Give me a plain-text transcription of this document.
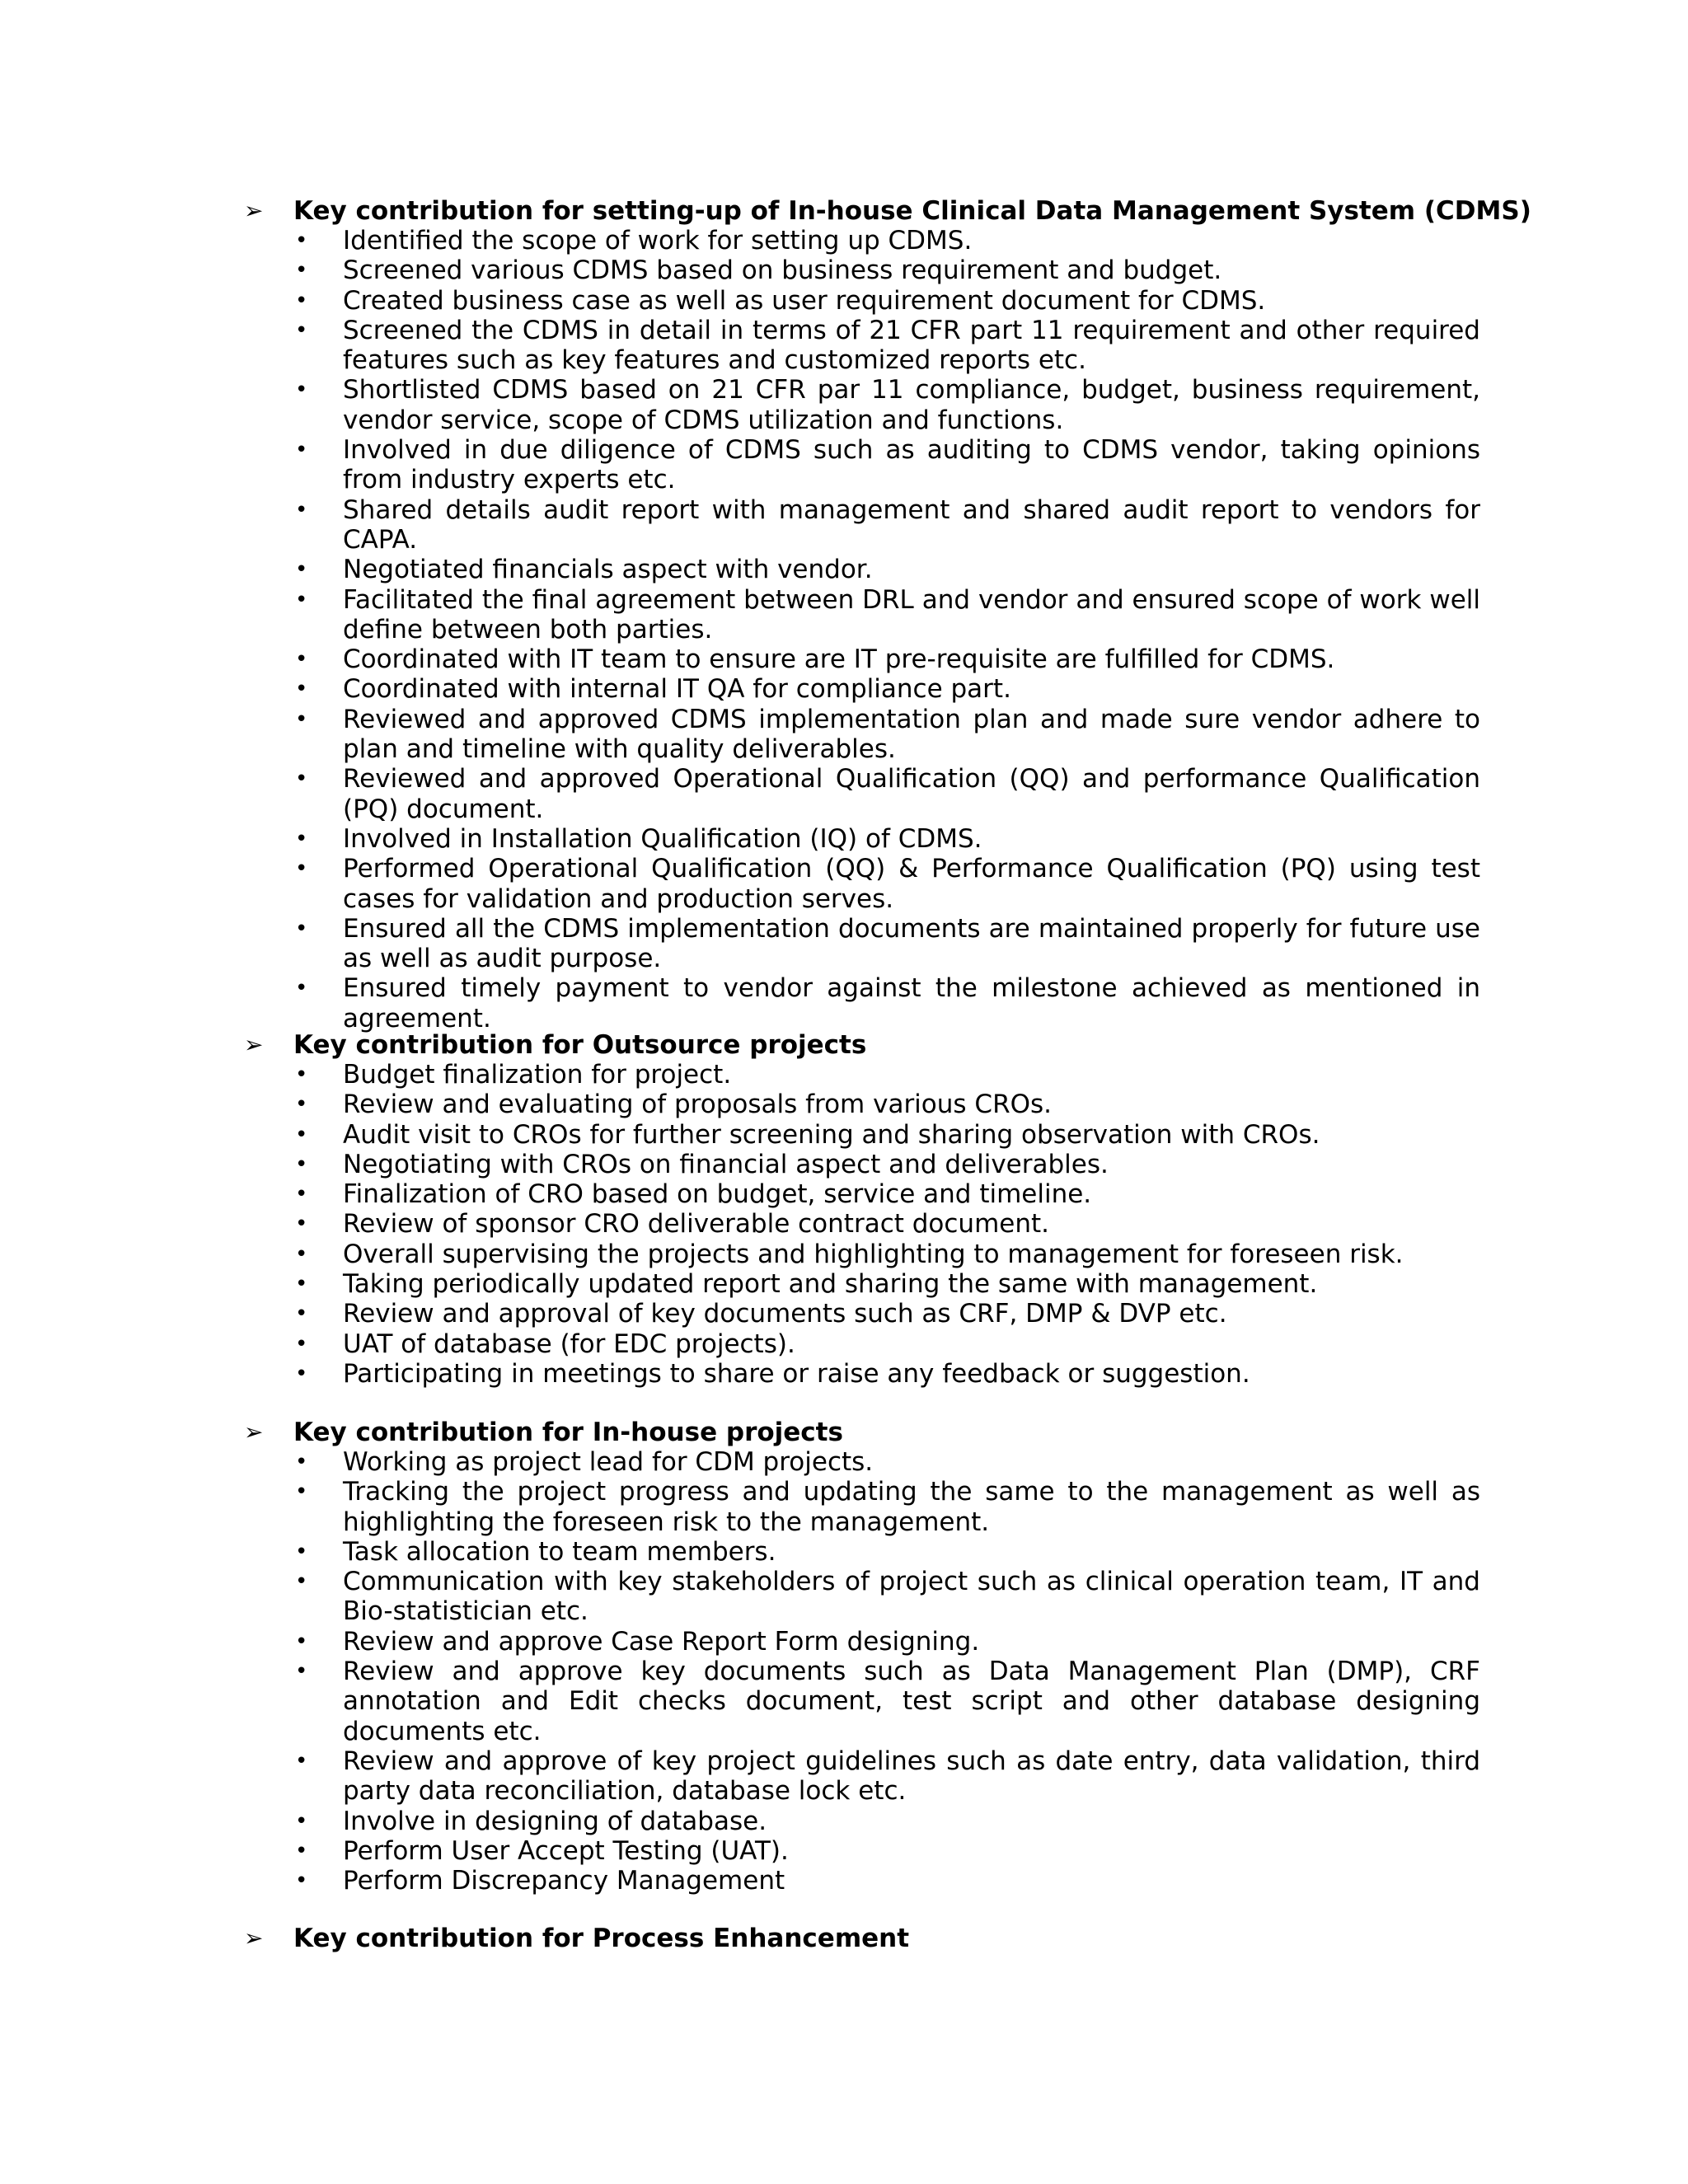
➢ Key contribution for setting-up of In-house Clinical Data Management System (CDMS)
• Identified the scope of work for setting up CDMS.
• Screened various CDMS based on business requirement and budget.
• Created business case as well as user requirement document for CDMS.
• Screened the CDMS in detail in terms of 21 CFR part 11 requirement and other required features such as key features and customized reports etc.
• Shortlisted CDMS based on 21 CFR par 11 compliance, budget, business requirement, vendor service, scope of CDMS utilization and functions.
• Involved in due diligence of CDMS such as auditing to CDMS vendor, taking opinions from industry experts etc.
• Shared details audit report with management and shared audit report to vendors for CAPA.
• Negotiated financials aspect with vendor.
• Facilitated the final agreement between DRL and vendor and ensured scope of work well define between both parties.
• Coordinated with IT team to ensure are IT pre-requisite are fulfilled for CDMS.
• Coordinated with internal IT QA for compliance part.
• Reviewed and approved CDMS implementation plan and made sure vendor adhere to plan and timeline with quality deliverables.
• Reviewed and approved Operational Qualification (QQ) and performance Qualification (PQ) document.
• Involved in Installation Qualification (IQ) of CDMS.
• Performed Operational Qualification (QQ) & Performance Qualification (PQ) using test cases for validation and production serves.
• Ensured all the CDMS implementation documents are maintained properly for future use as well as audit purpose.
• Ensured timely payment to vendor against the milestone achieved as mentioned in agreement.
➢ Key contribution for Outsource projects
• Budget finalization for project.
• Review and evaluating of proposals from various CROs.
• Audit visit to CROs for further screening and sharing observation with CROs.
• Negotiating with CROs on financial aspect and deliverables.
• Finalization of CRO based on budget, service and timeline.
• Review of sponsor CRO deliverable contract document.
• Overall supervising the projects and highlighting to management for foreseen risk.
• Taking periodically updated report and sharing the same with management.
• Review and approval of key documents such as CRF, DMP & DVP etc.
• UAT of database (for EDC projects).
• Participating in meetings to share or raise any feedback or suggestion.
➢ Key contribution for In-house projects
• Working as project lead for CDM projects.
• Tracking the project progress and updating the same to the management as well as highlighting the foreseen risk to the management.
• Task allocation to team members.
• Communication with key stakeholders of project such as clinical operation team, IT and Bio-statistician etc.
• Review and approve Case Report Form designing.
• Review and approve key documents such as Data Management Plan (DMP), CRF annotation and Edit checks document, test script and other database designing documents etc.
• Review and approve of key project guidelines such as date entry, data validation, third party data reconciliation, database lock etc.
• Involve in designing of database.
• Perform User Accept Testing (UAT).
• Perform Discrepancy Management
➢ Key contribution for Process Enhancement
